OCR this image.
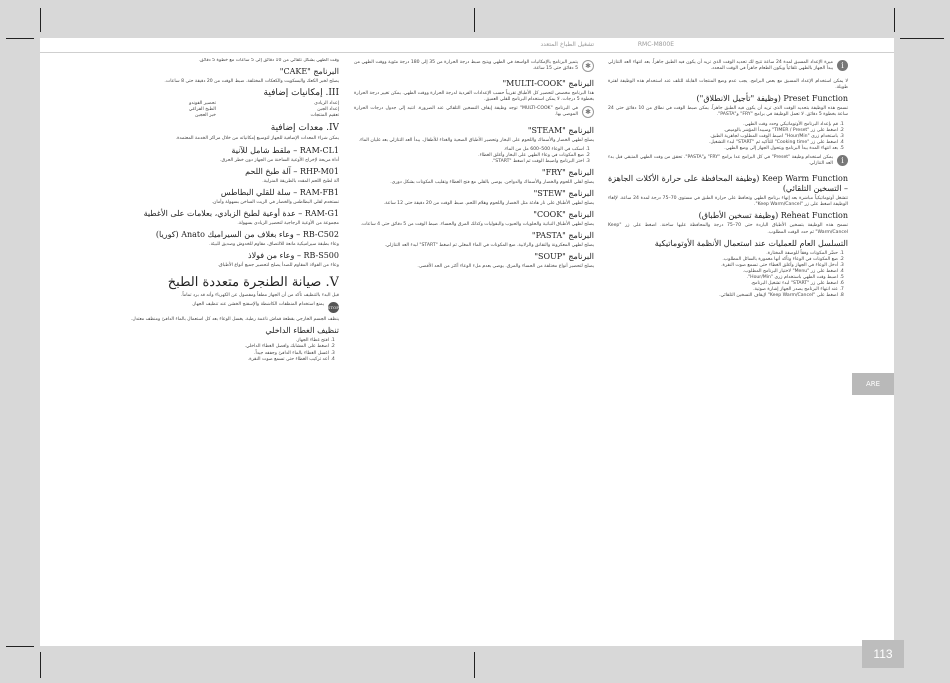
تشغيل الطباخ المتعدد	RMC-M800E
i

ميزة الإعداد المسبق لمدة 24 ساعة تتيح لك تحديد الوقت الذي تريد أن يكون فيه الطبق جاهزاً. بعد انتهاء العد التنازلي يبدأ الجهاز بالطهي تلقائياً ويكون الطعام جاهزاً في الوقت المحدد.

لا يمكن استخدام الإعداد المسبق مع بعض البرامج. يجب عدم وضع المنتجات القابلة للتلف عند استخدام هذه الوظيفة لفترة طويلة.

Preset Function (وظيفة "تأجيل الانطلاق")

تسمح هذه الوظيفة بتحديد الوقت الذي تريد أن يكون فيه الطبق جاهزاً. يمكن ضبط الوقت في نطاق من 10 دقائق حتى 24 ساعة بخطوة 5 دقائق. لا تعمل الوظيفة في برامج "FRY" و"PASTA".

1. قم بإعداد البرنامج الأوتوماتيكي وحدد وقت الطهي.
2. اضغط على زر "TIMER / Preset" وسيبدأ المؤشر بالوميض.
3. باستخدام زري "Hour/Min" اضبط الوقت المطلوب لجاهزية الطبق.
4. اضغط على زر "Cooking time" للتأكيد ثم "START" لبدء التشغيل.
5. بعد انتهاء المدة يبدأ البرنامج ويتحول الجهاز إلى وضع الطهي.
i

يمكن استخدام وظيفة "Preset" في كل البرامج عدا برامج "FRY" و"PASTA". تحقق من وقت الطهي المتبقي قبل بدء العد التنازلي.

Keep Warm Function (وظيفة المحافظة على حرارة الأكلات الجاهزة – التسخين التلقائي)

تتشغل أوتوماتيكياً مباشرة بعد إنهاء برنامج الطهي وتحافظ على حرارة الطبق في مستوى 70–75 درجة لمدة 24 ساعة. لإلغاء الوظيفة اضغط على زر "Keep Warm/Cancel".

Reheat Function (وظيفة تسخين الأطباق)

تسمح هذه الوظيفة بتسخين الأطباق الباردة حتى 70–75 درجة والمحافظة عليها ساخنة. اضغط على زر "Keep Warm/Cancel" ثم حدد الوقت المطلوب.

التسلسل العام للعمليات عند استعمال الأنظمة الأوتوماتيكية
1. حضّر المكونات وفقاً للوصفة المختارة.
2. ضع المكونات في الوعاء وتأكد أنها مغمورة بالسائل المطلوب.
3. أدخل الوعاء في الجهاز وأغلق الغطاء حتى تسمع صوت النقرة.
4. اضغط على زر "Menu" لاختيار البرنامج المطلوب.
5. اضبط وقت الطهي باستخدام زري "Hour/Min".
6. اضغط على زر "START" لبدء تشغيل البرنامج.
7. عند انتهاء البرنامج يصدر الجهاز إشارة صوتية.
8. اضغط على "Keep Warm/Cancel" لإيقاف التسخين التلقائي.
✱

يتميز البرنامج بالإمكانيات الواسعة في الطهي ويتيح ضبط درجة الحرارة من 35 إلى 180 درجة مئوية ووقت الطهي من 5 دقائق حتى 15 ساعة.

البرنامج "MULTI-COOK"

هذا البرنامج مخصص لتحضير كل الأطباق تقريباً حسب الإعدادات الفردية لدرجة الحرارة ووقت الطهي. يمكن تغيير درجة الحرارة بخطوة 5 درجات. لا يمكن استخدام البرنامج للقلي العميق.

✱

في البرنامج "MULTI-COOK" توجد وظيفة إيقاف التسخين التلقائي عند الضرورة. انتبه إلى جدول درجات الحرارة الموصى بها.

البرنامج "STEAM"

يصلح لطهي الخضار والأسماك واللحوم على البخار وتحضير الأطباق الصحية والغذاء للأطفال. يبدأ العد التنازلي بعد غليان الماء.

1. اسكب في الوعاء 500–600 مل من الماء.
2. ضع المكونات في وعاء الطهي على البخار وأغلق الغطاء.
3. اختر البرنامج واضبط الوقت ثم اضغط "START".
البرنامج "FRY"

يصلح لقلي اللحوم والخضار والأسماك والدواجن. يوصى بالقلي مع فتح الغطاء وتقليب المكونات بشكل دوري.

البرنامج "STEW"

يصلح لطهي الأطباق على نار هادئة مثل الخضار واللحوم وهلام اللحم. ضبط الوقت من 20 دقيقة حتى 12 ساعة.

البرنامج "COOK"

يصلح لطهي الأطباق النباتية والحلويات والحبوب والبقوليات وكذلك المرق والحساء. ضبط الوقت من 5 دقائق حتى 4 ساعات.

البرنامج "PASTA"

يصلح لطهي المعكرونة والنقانق والزلابية. ضع المكونات في الماء المغلي ثم اضغط "START" لبدء العد التنازلي.

البرنامج "SOUP"

يصلح لتحضير أنواع مختلفة من الحساء والمرق. يوصى بعدم ملء الوعاء أكثر من الحد الأقصى.

وقت الطهي بشكل تلقائي من 10 دقائق إلى 5 ساعات مع خطوة 5 دقائق.

البرنامج "CAKE"

يصلح لخبز الكعك والبسكويت والكعكات المختلفة. ضبط الوقت من 20 دقيقة حتى 8 ساعات.

III. إمكانيات إضافية
إعداد الزبادي
تحضير الفوندو
إعداد الجبن
الطبخ الفراغي
تعقيم المنتجات
خبز العجين
IV. معدات إضافية

يمكن شراء المعدات الإضافية للجهاز لتوسيع إمكانياته من خلال مراكز الخدمة المعتمدة.

RAM-CL1 – ملقط شامل للآنية

أداة مريحة لإخراج الأوعية الساخنة من الجهاز دون خطر الحرق.

RHP-M01 – آلة طبخ اللحم

آلة لطبخ اللحم المقدد بالطريقة المنزلية.

RAM-FB1 – سلة للقلي البطاطس

تستخدم لقلي البطاطس والخضار في الزيت الساخن بسهولة وأمان.

RAM-G1 – عدة أوعية لطبخ الزبادي، بعلامات على الأغطية

مجموعة من الأوعية الزجاجية لتحضير الزبادي بسهولة.

RB-C502 – وعاء بغلاف من السيراميك Anato (كوريا)

وعاء بطبقة سيراميكية مانعة للالتصاق، مقاوم للخدوش وصديق للبيئة.

RB-S500 – وعاء من فولاذ

وعاء من الفولاذ المقاوم للصدأ يصلح لتحضير جميع أنواع الأطباق.

V. صيانة الطنجرة متعددة الطبخ

قبل البدء بالتنظيف تأكد من أن الجهاز مطفأ ومفصول عن الكهرباء وأنه قد برد تماماً.

STOP

يمنع استخدام المنظفات الكاشطة والإسفنج الخشن عند تنظيف الجهاز.

ينظف الجسم الخارجي بقطعة قماش ناعمة رطبة. يغسل الوعاء بعد كل استعمال بالماء الدافئ ومنظف معتدل.

تنظيف الغطاء الداخلي
1. افتح غطاء الجهاز.
2. اضغط على المشابك وافصل الغطاء الداخلي.
3. اغسل الغطاء بالماء الدافئ وجففه جيداً.
4. أعد تركيب الغطاء حتى تسمع صوت النقرة.
ARE
113
